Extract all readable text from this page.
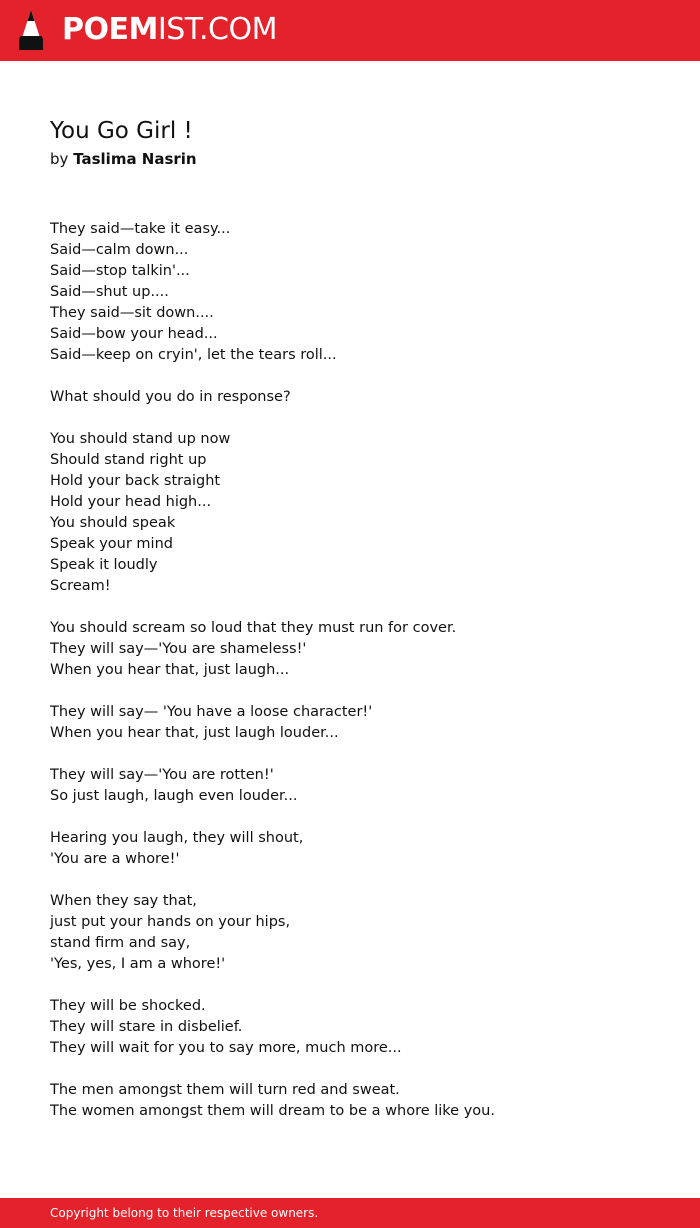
POEMIST.COM
You Go Girl !
by Taslima Nasrin
They said—take it easy...
Said—calm down...
Said—stop talkin'...
Said—shut up....
They said—sit down....
Said—bow your head...
Said—keep on cryin', let the tears roll...
What should you do in response?
You should stand up now
Should stand right up
Hold your back straight
Hold your head high...
You should speak
Speak your mind
Speak it loudly
Scream!
You should scream so loud that they must run for cover.
They will say—'You are shameless!'
When you hear that, just laugh...
They will say— 'You have a loose character!'
When you hear that, just laugh louder...
They will say—'You are rotten!'
So just laugh, laugh even louder...
Hearing you laugh, they will shout,
'You are a whore!'
When they say that,
just put your hands on your hips,
stand firm and say,
'Yes, yes, I am a whore!'
They will be shocked.
They will stare in disbelief.
They will wait for you to say more, much more...
The men amongst them will turn red and sweat.
The women amongst them will dream to be a whore like you.
Copyright belong to their respective owners.
